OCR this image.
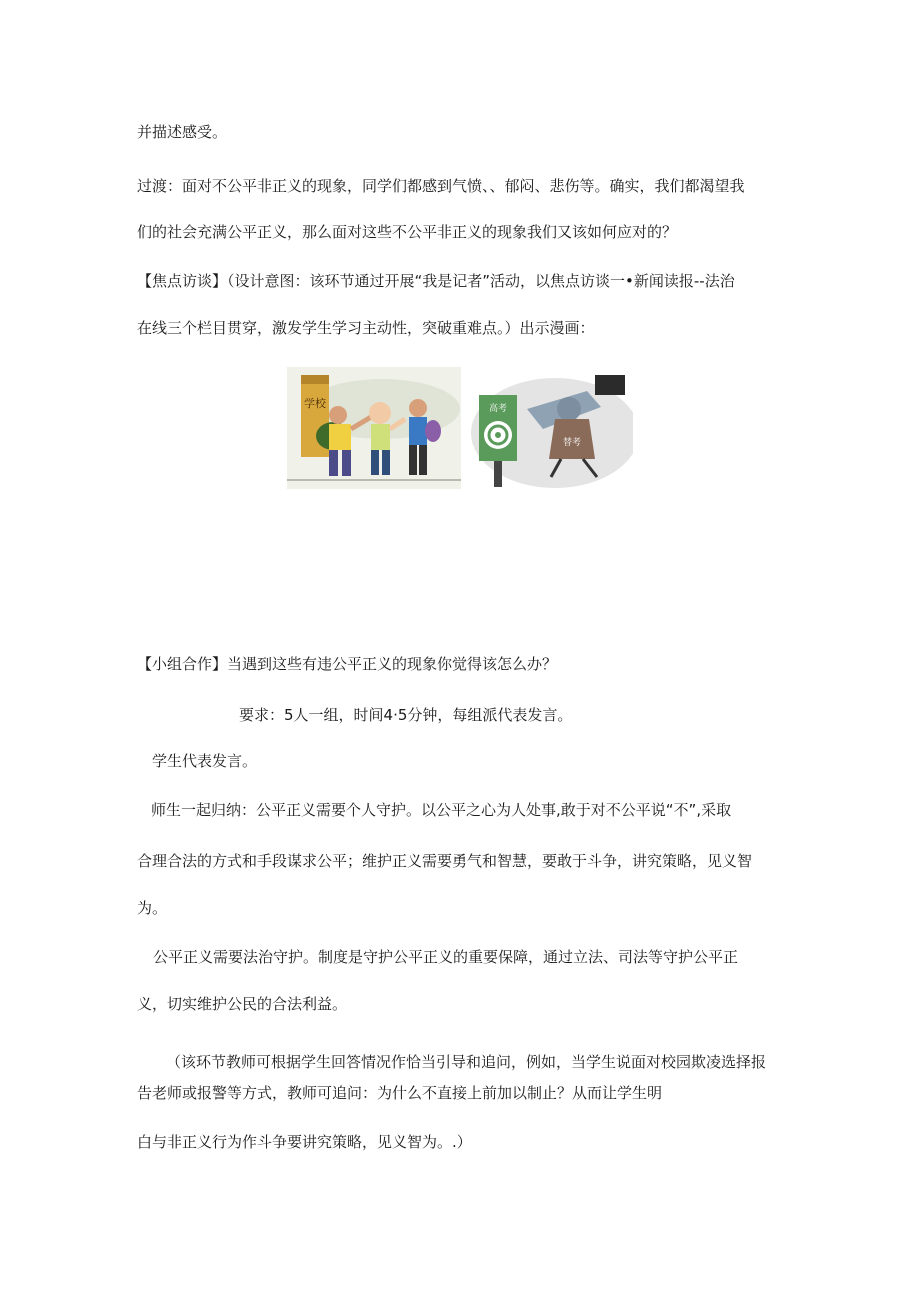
并描述感受。
过渡：面对不公平非正义的现象，同学们都感到气愤、、郁闷、悲伤等。确实，我们都渴望我
们的社会充满公平正义，那么面对这些不公平非正义的现象我们又该如何应对的？
【焦点访谈】（设计意图：该环节通过开展“我是记者”活动，以焦点访谈一•新闻读报--法治
在线三个栏目贯穿，激发学生学习主动性，突破重难点。）出示漫画：
学校	高考
替考
【小组合作】当遇到这些有违公平正义的现象你觉得该怎么办？
要求：5人一组，时间4·5分钟，每组派代表发言。
学生代表发言。
师生一起归纳：公平正义需要个人守护。以公平之心为人处事,敢于对不公平说“不”,采取
合理合法的方式和手段谋求公平；维护正义需要勇气和智慧，要敢于斗争，讲究策略，见义智
为。
公平正义需要法治守护。制度是守护公平正义的重要保障，通过立法、司法等守护公平正
义，切实维护公民的合法利益。
（该环节教师可根据学生回答情况作恰当引导和追问，例如，当学生说面对校园欺凌选择报
告老师或报警等方式，教师可追问：为什么不直接上前加以制止？从而让学生明
白与非正义行为作斗争要讲究策略，见义智为。.）
